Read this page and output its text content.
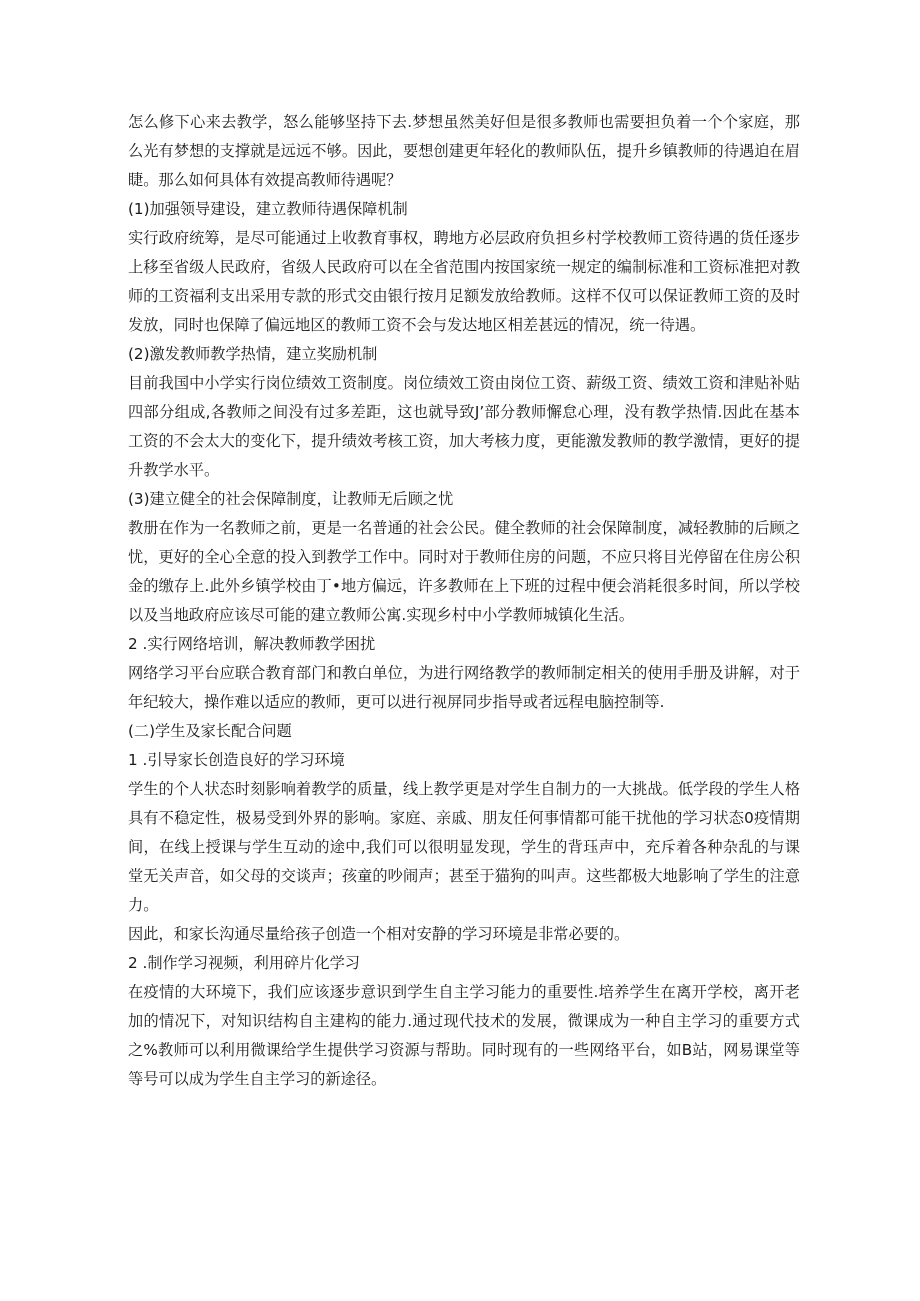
怎么修下心来去教学，怒么能够坚持下去.梦想虽然美好但是很多教师也需要担负着一个个家庭，那么光有梦想的支撑就是远远不够。因此，要想创建更年轻化的教师队伍，提升乡镇教师的待遇迫在眉睫。那么如何具体有效提高教师待遇呢？

(1)加强领导建设，建立教师待遇保障机制

实行政府统筹，是尽可能通过上收教育事权，聘地方必层政府负担乡村学校教师工资待遇的货任逐步上移至省级人民政府，省级人民政府可以在全省范围内按国家统一规定的编制标准和工资标准把对教师的工资福利支出采用专款的形式交由银行按月足额发放给教师。这样不仅可以保证教师工资的及时发放，同时也保障了偏远地区的教师工资不会与发达地区相差甚远的情况，统一待遇。

(2)激发教师教学热情，建立奖励机制

目前我国中小学实行岗位绩效工资制度。岗位绩效工资由岗位工资、薪级工资、绩效工资和津贴补贴四部分组成,各教师之间没有过多差距，这也就导致J’部分教师懈怠心理，没有教学热情.因此在基本工资的不会太大的变化下，提升绩效考核工资，加大考核力度，更能激发教师的教学激情，更好的提升教学水平。

(3)建立健全的社会保障制度，让教师无后顾之忧

教册在作为一名教师之前，更是一名普通的社会公民。健全教师的社会保障制度，减轻教肺的后顾之忧，更好的全心全意的投入到教学工作中。同时对于教师住房的问题，不应只将目光停留在住房公积金的缴存上.此外乡镇学校由丁•地方偏远，许多教师在上下班的过程中便会消耗很多时间，所以学校以及当地政府应该尽可能的建立教师公寓.实现乡村中小学教师城镇化生活。

2 .实行网络培训，解决教师教学困扰

网络学习平台应联合教育部门和教白单位，为进行网络教学的教师制定相关的使用手册及讲解，对于年纪较大，操作难以适应的教师，更可以进行视屏同步指导或者远程电脑控制等.

(二)学生及家长配合问题

1 .引导家长创造良好的学习环境

学生的个人状态时刻影响着教学的质量，线上教学更是对学生自制力的一大挑战。低学段的学生人格具有不稳定性，极易受到外界的影响。家庭、亲戚、朋友任何事情都可能干扰他的学习状态0疫情期间，在线上授课与学生互动的途中,我们可以很明显发现，学生的背珏声中，充斥着各种杂乱的与课堂无关声音，如父母的交谈声；孩童的吵闹声；甚至于猫狗的叫声。这些都极大地影响了学生的注意力。

因此，和家长沟通尽量给孩子创造一个相对安静的学习环境是非常必要的。

2 .制作学习视频，利用碎片化学习

在疫情的大环境下，我们应该逐步意识到学生自主学习能力的重要性.培养学生在离开学校，离开老加的情况下，对知识结构自主建构的能力.通过现代技术的发展，微课成为一种自主学习的重要方式之%教师可以利用微课给学生提供学习资源与帮助。同时现有的一些网络平台，如B站，网易课堂等等号可以成为学生自主学习的新途径。
